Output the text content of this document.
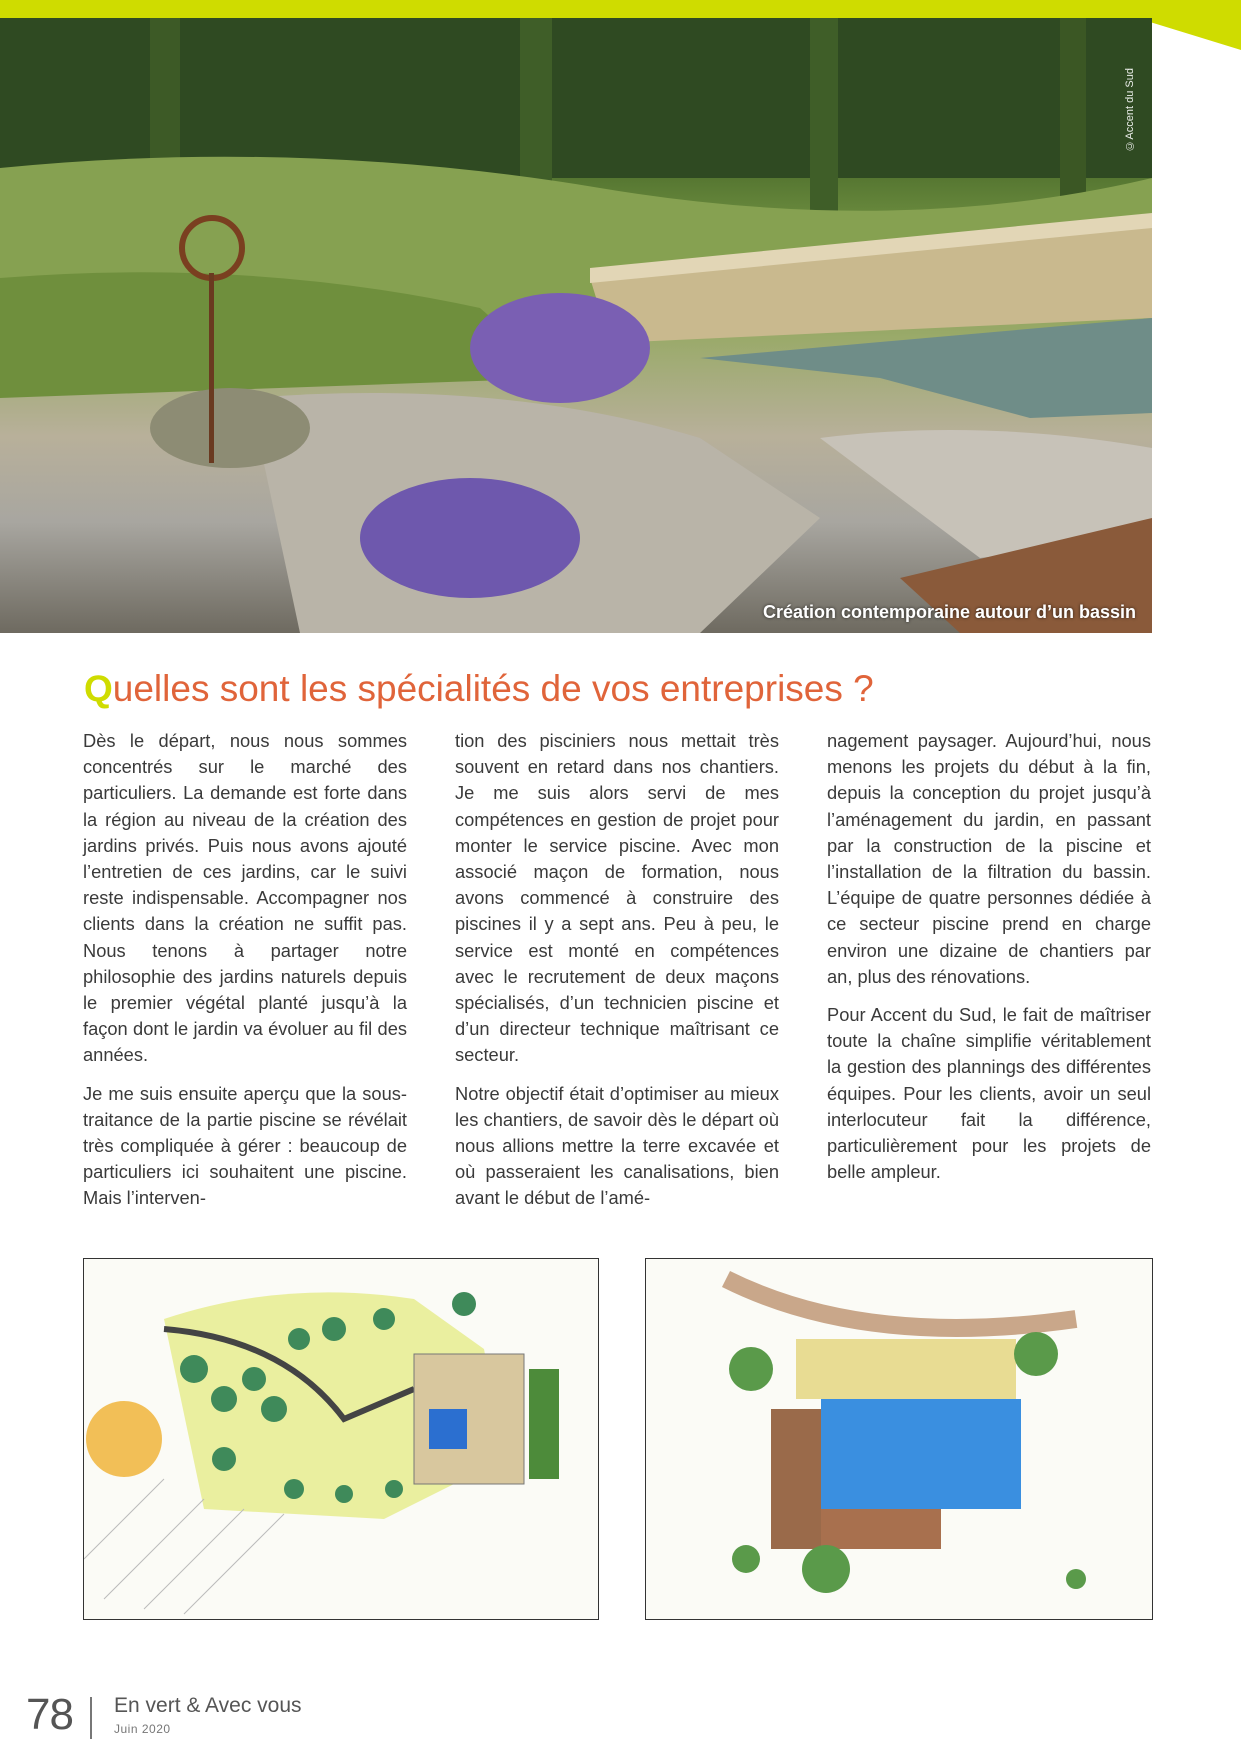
©Accent du Sud
Création contemporaine autour d’un bassin
Quelles sont les spécialités de vos entreprises ?

Dès le départ, nous nous sommes concentrés sur le marché des particuliers. La demande est forte dans la région au niveau de la création des jardins privés. Puis nous avons ajouté l’entretien de ces jardins, car le suivi reste indispensable. Accompagner nos clients dans la création ne suffit pas. Nous tenons à partager notre philosophie des jardins naturels depuis le premier végétal planté jusqu’à la façon dont le jardin va évoluer au fil des années.

Je me suis ensuite aperçu que la sous-traitance de la partie piscine se révélait très compliquée à gérer : beaucoup de particuliers ici souhaitent une piscine. Mais l’interven-

tion des pisciniers nous mettait très souvent en retard dans nos chantiers. Je me suis alors servi de mes compétences en gestion de projet pour monter le service piscine. Avec mon associé maçon de formation, nous avons commencé à construire des piscines il y a sept ans. Peu à peu, le service est monté en compétences avec le recrutement de deux maçons spécialisés, d’un technicien piscine et d’un directeur technique maîtrisant ce secteur.

Notre objectif était d’optimiser au mieux les chantiers, de savoir dès le départ où nous allions mettre la terre excavée et où passeraient les canalisations, bien avant le début de l’amé-

nagement paysager. Aujourd’hui, nous menons les projets du début à la fin, depuis la conception du projet jusqu’à l’aménagement du jardin, en passant par la construction de la piscine et l’installation de la filtration du bassin. L’équipe de quatre personnes dédiée à ce secteur piscine prend en charge environ une dizaine de chantiers par an, plus des rénovations.

Pour Accent du Sud, le fait de maîtriser toute la chaîne simplifie véritablement la gestion des plannings des différentes équipes. Pour les clients, avoir un seul interlocuteur fait la différence, particulièrement pour les projets de belle ampleur.

78 En vert & Avec vous
Juin 2020
